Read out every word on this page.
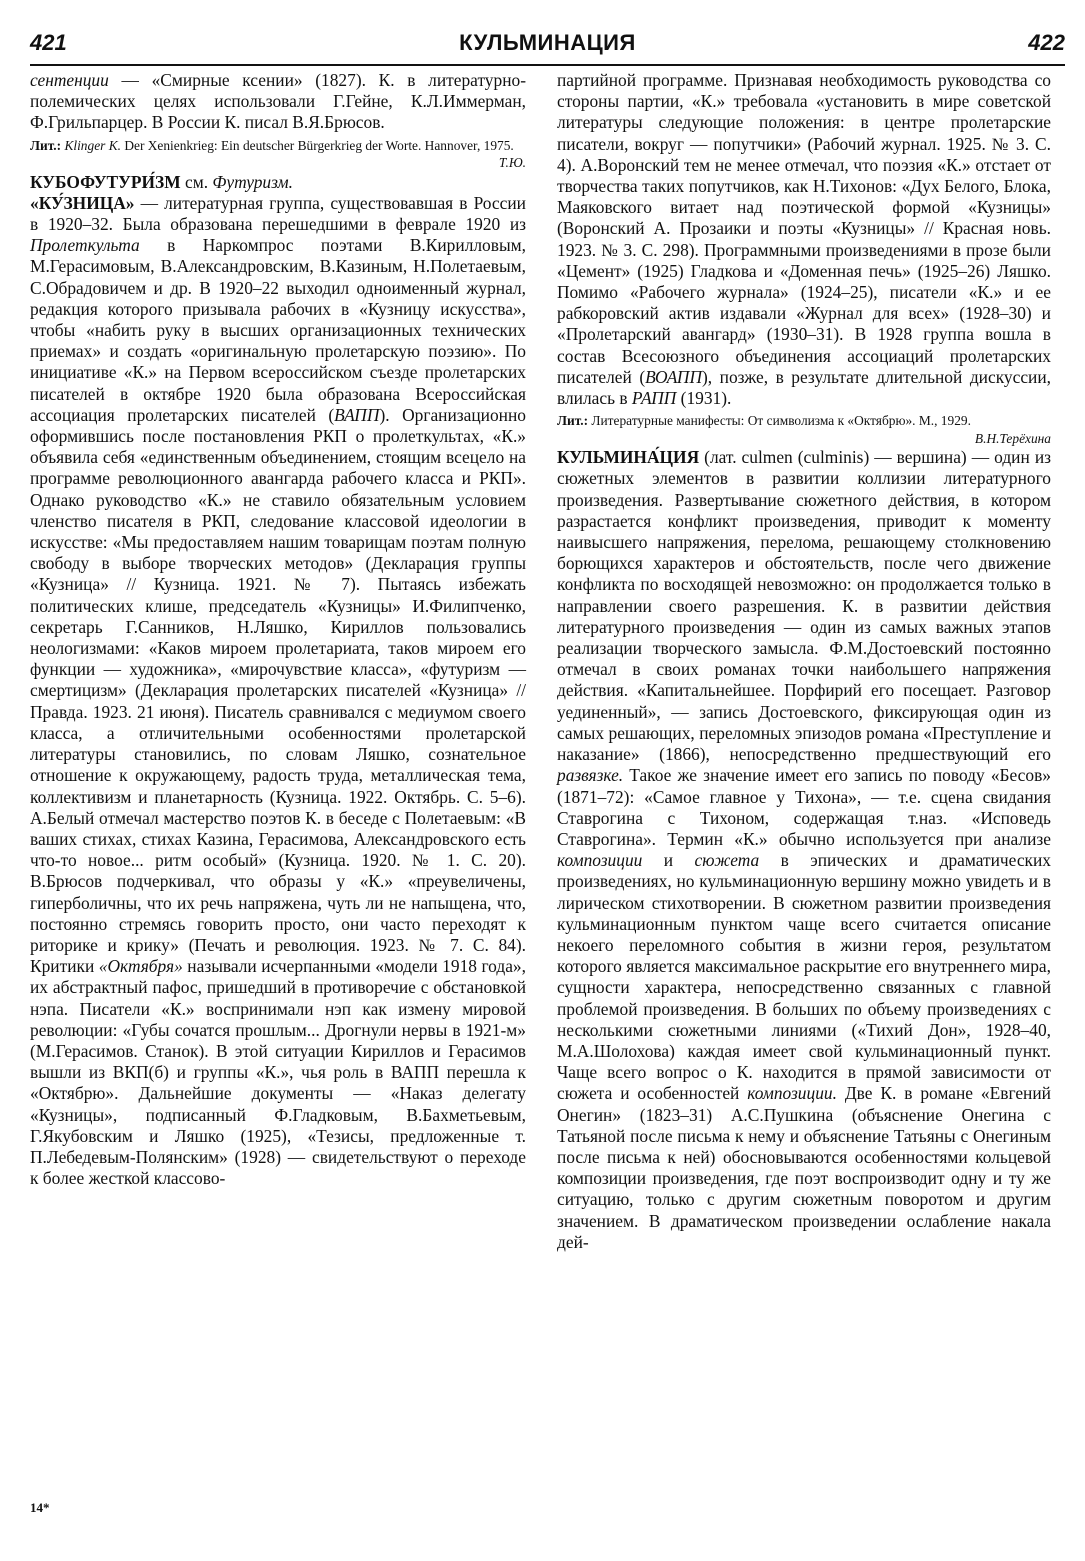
421	КУЛЬМИНАЦИЯ	422

сентенции — «Смирные ксении» (1827). К. в литературно-полемических целях использовали Г.Гейне, К.Л.Иммерман, Ф.Грильпарцер. В России К. писал В.Я.Брюсов.

Лит.: Klinger K. Der Xenienkrieg: Ein deutscher Bürgerkrieg der Worte. Hannover, 1975.
Т.Ю.

КУБОФУТУРИ́ЗМ см. Футуризм.

«КУ́ЗНИЦА» — литературная группа, существовавшая в России в 1920–32. Была образована перешедшими в феврале 1920 из Пролеткульта в Наркомпрос поэтами В.Кирилловым, М.Герасимовым, В.Александровским, В.Казиным, Н.Полетаевым, С.Обрадовичем и др. В 1920–22 выходил одноименный журнал, редакция которого призывала рабочих в «Кузницу искусства», чтобы «набить руку в высших организационных технических приемах» и создать «оригинальную пролетарскую поэзию». По инициативе «К.» на Первом всероссийском съезде пролетарских писателей в октябре 1920 была образована Всероссийская ассоциация пролетарских писателей (ВАПП). Организационно оформившись после постановления РКП о пролеткультах, «К.» объявила себя «единственным объединением, стоящим всецело на программе революционного авангарда рабочего класса и РКП». Однако руководство «К.» не ставило обязательным условием членство писателя в РКП, следование классовой идеологии в искусстве: «Мы предоставляем нашим товарищам поэтам полную свободу в выборе творческих методов» (Декларация группы «Кузница» // Кузница. 1921. № 7). Пытаясь избежать политических клише, председатель «Кузницы» И.Филипченко, секретарь Г.Санников, Н.Ляшко, Кириллов пользовались неологизмами: «Каков мироем пролетариата, таков мироем его функции — художника», «мирочувствие класса», «футуризм — смертицизм» (Декларация пролетарских писателей «Кузница» // Правда. 1923. 21 июня). Писатель сравнивался с медиумом своего класса, а отличительными особенностями пролетарской литературы становились, по словам Ляшко, сознательное отношение к окружающему, радость труда, металлическая тема, коллективизм и планетарность (Кузница. 1922. Октябрь. С. 5–6). А.Белый отмечал мастерство поэтов К. в беседе с Полетаевым: «В ваших стихах, стихах Казина, Герасимова, Александровского есть что-то новое... ритм особый» (Кузница. 1920. № 1. С. 20). В.Брюсов подчеркивал, что образы у «К.» «преувеличены, гиперболичны, что их речь напряжена, чуть ли не напыщена, что, постоянно стремясь говорить просто, они часто переходят к риторике и крику» (Печать и революция. 1923. № 7. С. 84). Критики «Октября» называли исчерпанными «модели 1918 года», их абстрактный пафос, пришедший в противоречие с обстановкой нэпа. Писатели «К.» воспринимали нэп как измену мировой революции: «Губы сочатся прошлым... Дрогнули нервы в 1921-м» (М.Герасимов. Станок). В этой ситуации Кириллов и Герасимов вышли из ВКП(б) и группы «К.», чья роль в ВАПП перешла к «Октябрю». Дальнейшие документы — «Наказ делегату «Кузницы», подписанный Ф.Гладковым, В.Бахметьевым, Г.Якубовским и Ляшко (1925), «Тезисы, предложенные т. П.Лебедевым-Полянским» (1928) — свидетельствуют о переходе к более жесткой классово-

партийной программе. Признавая необходимость руководства со стороны партии, «К.» требовала «установить в мире советской литературы следующие положения: в центре пролетарские писатели, вокруг — попутчики» (Рабочий журнал. 1925. № 3. С. 4). А.Воронский тем не менее отмечал, что поэзия «К.» отстает от творчества таких попутчиков, как Н.Тихонов: «Дух Белого, Блока, Маяковского витает над поэтической формой «Кузницы» (Воронский А. Прозаики и поэты «Кузницы» // Красная новь. 1923. № 3. С. 298). Программными произведениями в прозе были «Цемент» (1925) Гладкова и «Доменная печь» (1925–26) Ляшко. Помимо «Рабочего журнала» (1924–25), писатели «К.» и ее рабкоровский актив издавали «Журнал для всех» (1928–30) и «Пролетарский авангард» (1930–31). В 1928 группа вошла в состав Всесоюзного объединения ассоциаций пролетарских писателей (ВОАПП), позже, в результате длительной дискуссии, влилась в РАПП (1931).

Лит.: Литературные манифесты: От символизма к «Октябрю». М., 1929.
В.Н.Терёхина

КУЛЬМИНА́ЦИЯ (лат. culmen (culminis) — вершина) — один из сюжетных элементов в развитии коллизии литературного произведения. Развертывание сюжетного действия, в котором разрастается конфликт произведения, приводит к моменту наивысшего напряжения, перелома, решающему столкновению борющихся характеров и обстоятельств, после чего движение конфликта по восходящей невозможно: он продолжается только в направлении своего разрешения. К. в развитии действия литературного произведения — один из самых важных этапов реализации творческого замысла. Ф.М.Достоевский постоянно отмечал в своих романах точки наибольшего напряжения действия. «Капитальнейшее. Порфирий его посещает. Разговор уединенный», — запись Достоевского, фиксирующая один из самых решающих, переломных эпизодов романа «Преступление и наказание» (1866), непосредственно предшествующий его развязке. Такое же значение имеет его запись по поводу «Бесов» (1871–72): «Самое главное у Тихона», — т.е. сцена свидания Ставрогина с Тихоном, содержащая т.наз. «Исповедь Ставрогина». Термин «К.» обычно используется при анализе композиции и сюжета в эпических и драматических произведениях, но кульминационную вершину можно увидеть и в лирическом стихотворении. В сюжетном развитии произведения кульминационным пунктом чаще всего считается описание некоего переломного события в жизни героя, результатом которого является максимальное раскрытие его внутреннего мира, сущности характера, непосредственно связанных с главной проблемой произведения. В больших по объему произведениях с несколькими сюжетными линиями («Тихий Дон», 1928–40, М.А.Шолохова) каждая имеет свой кульминационный пункт. Чаще всего вопрос о К. находится в прямой зависимости от сюжета и особенностей композиции. Две К. в романе «Евгений Онегин» (1823–31) А.С.Пушкина (объяснение Онегина с Татьяной после письма к нему и объяснение Татьяны с Онегиным после письма к ней) обосновываются особенностями кольцевой композиции произведения, где поэт воспроизводит одну и ту же ситуацию, только с другим сюжетным поворотом и другим значением. В драматическом произведении ослабление накала дей-

14*
